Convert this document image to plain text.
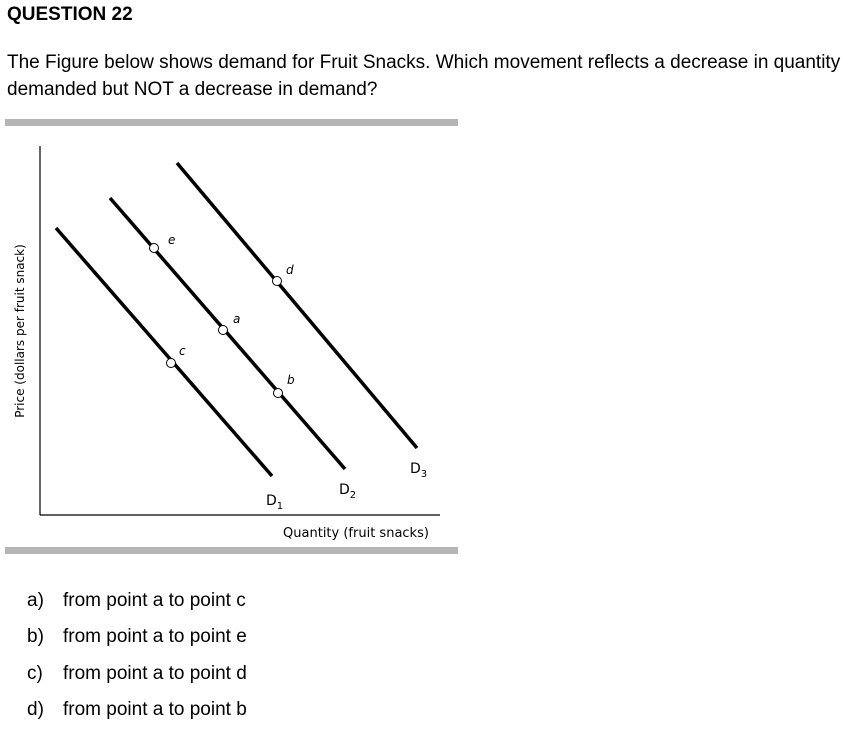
QUESTION 22

The Figure below shows demand for Fruit Snacks. Which movement reflects a decrease in quantity demanded but NOT a decrease in demand?

e
d
a
c
b
$D_1$
$D_2$
$D_3$
Price (dollars per fruit snack)
Quantity (fruit snacks)
a) from point a to point c
b) from point a to point e
c) from point a to point d
d) from point a to point b
